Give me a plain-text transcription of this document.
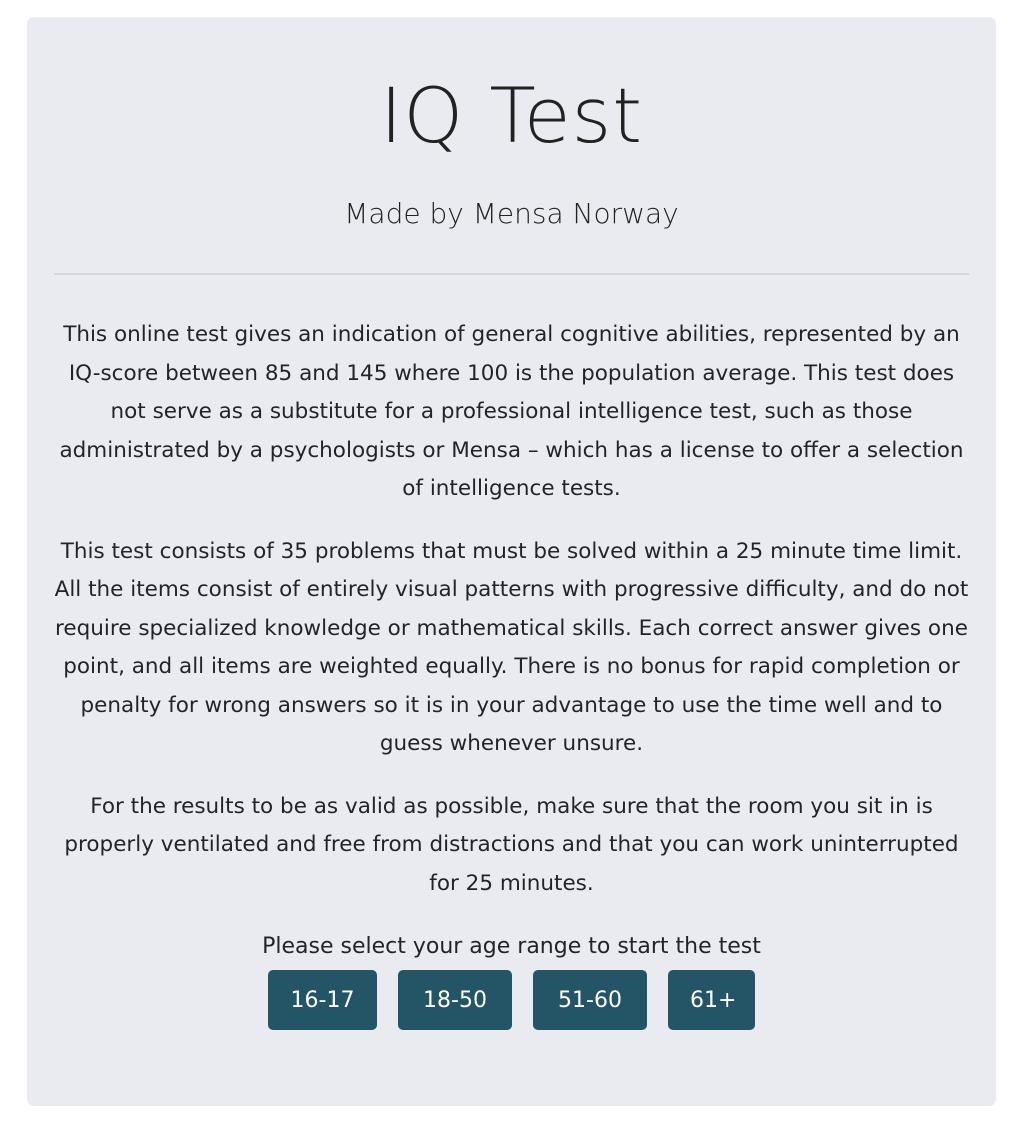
IQ Test

Made by Mensa Norway

This online test gives an indication of general cognitive abilities, represented by an IQ-score between 85 and 145 where 100 is the population average. This test does not serve as a substitute for a professional intelligence test, such as those administrated by a psychologists or Mensa – which has a license to offer a selection of intelligence tests.

This test consists of 35 problems that must be solved within a 25 minute time limit. All the items consist of entirely visual patterns with progressive difficulty, and do not require specialized knowledge or mathematical skills. Each correct answer gives one point, and all items are weighted equally. There is no bonus for rapid completion or penalty for wrong answers so it is in your advantage to use the time well and to guess whenever unsure.

For the results to be as valid as possible, make sure that the room you sit in is properly ventilated and free from distractions and that you can work uninterrupted for 25 minutes.

Please select your age range to start the test

16-17	18-50	51-60	61+
